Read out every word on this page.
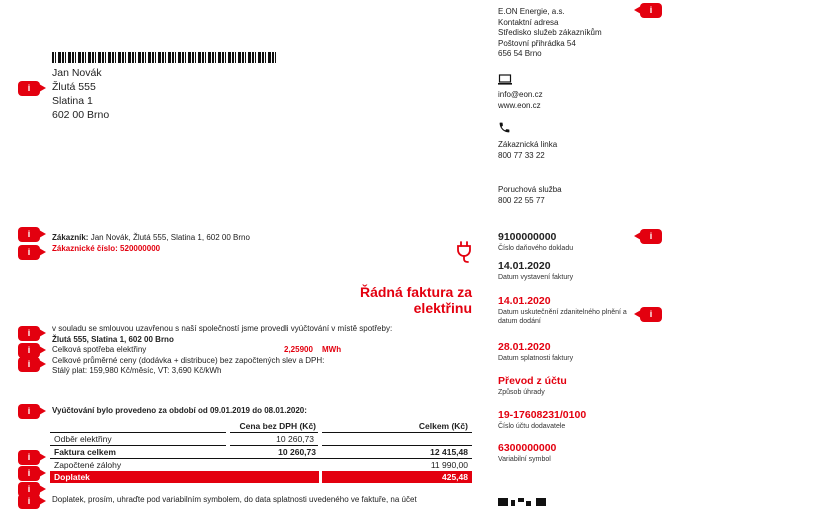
Jan Novák
Žlutá 555
Slatina 1
602 00 Brno
i
E.ON Energie, a.s.
Kontaktní adresa
Středisko služeb zákazníkům
Poštovní přihrádka 54
656 54 Brno
i
info@eon.cz
www.eon.cz
Zákaznická linka
800 77 33 22
Poruchová služba
800 22 55 77
Zákazník: Jan Novák, Žlutá 555, Slatina 1, 602 00 Brno
Zákaznické číslo: 520000000
i
i
Řádná faktura za elektřinu
v souladu se smlouvou uzavřenou s naší společností jsme provedli vyúčtování v místě spotřeby:
Žlutá 555, Slatina 1, 602 00 Brno
Celková spotřeba elektřiny	2,25900 MWh
Celkové průměrné ceny (dodávka + distribuce) bez započtených slev a DPH:
Stálý plat: 159,980 Kč/měsíc, VT: 3,690 Kč/kWh
i
i
i
Vyúčtování bylo provedeno za období od 09.01.2019 do 08.01.2020:
i
	Cena bez DPH (Kč)	Celkem (Kč)
Odběr elektřiny	10 260,73	
Faktura celkem	10 260,73	12 415,48
Započtené zálohy		11 990,00
Doplatek		425,48
i
i
i
i	Doplatek, prosím, uhraďte pod variabilním symbolem, do data splatnosti uvedeného ve faktuře, na účet
9100000000
Číslo daňového dokladu
14.01.2020
Datum vystavení faktury
14.01.2020
Datum uskutečnění zdanitelného plnění a datum dodání
28.01.2020
Datum splatnosti faktury
Převod z účtu
Způsob úhrady
19-17608231/0100
Číslo účtu dodavatele
6300000000
Variabilní symbol
i
i
